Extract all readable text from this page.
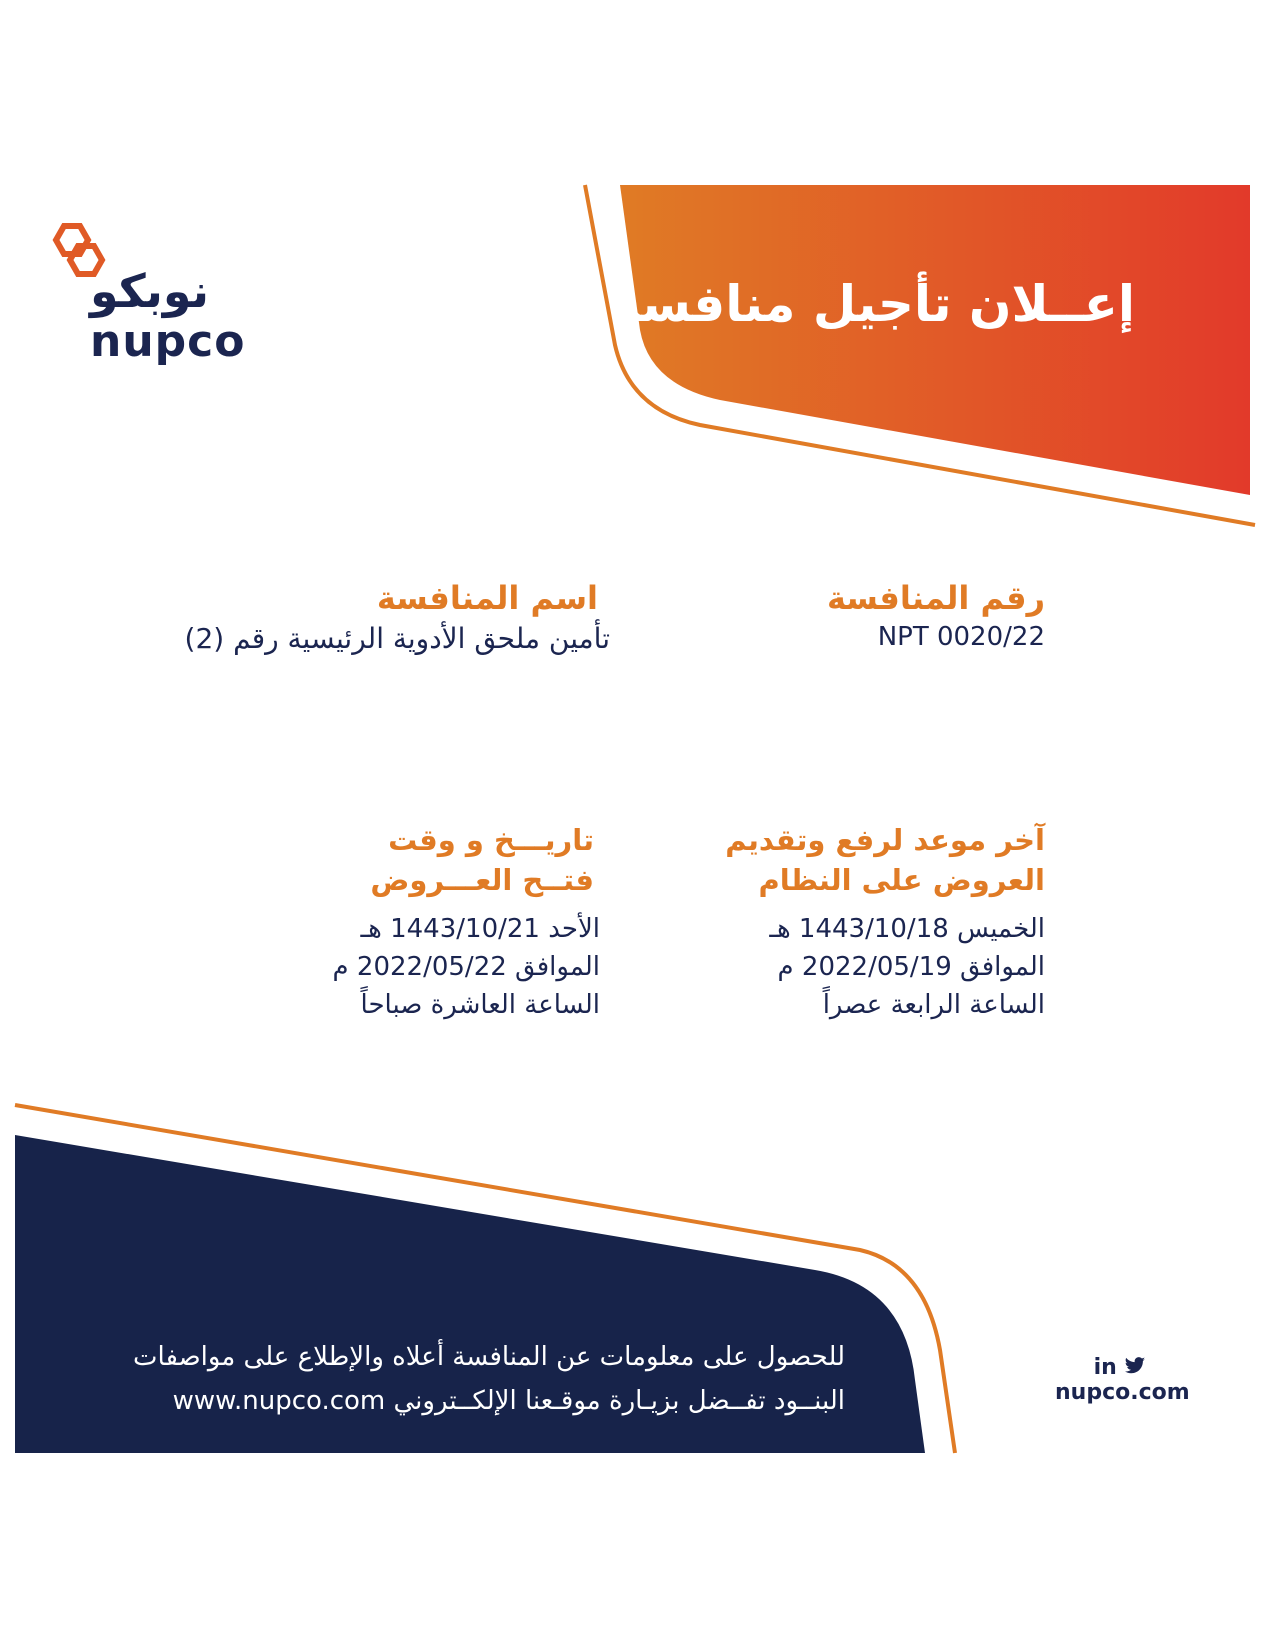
نوبكو
nupco
إعــلان تأجيل منافسة
رقم المنافسة
NPT 0020/22
اسم المنافسة
تأمين ملحق الأدوية الرئيسية رقم (2)
آخر موعد لرفع وتقديم
العروض على النظام
الخميس 1443/10/18 هـ
الموافق 2022/05/19 م
الساعة الرابعة عصراً
تاريـــخ و وقت
فتــح العـــروض
الأحد 1443/10/21 هـ
الموافق 2022/05/22 م
الساعة العاشرة صباحاً
للحصول على معلومات عن المنافسة أعلاه والإطلاع على مواصفات
البنــود تفــضل بزيـارة موقـعنا الإلكــتروني www.nupco.com
in
nupco.com
